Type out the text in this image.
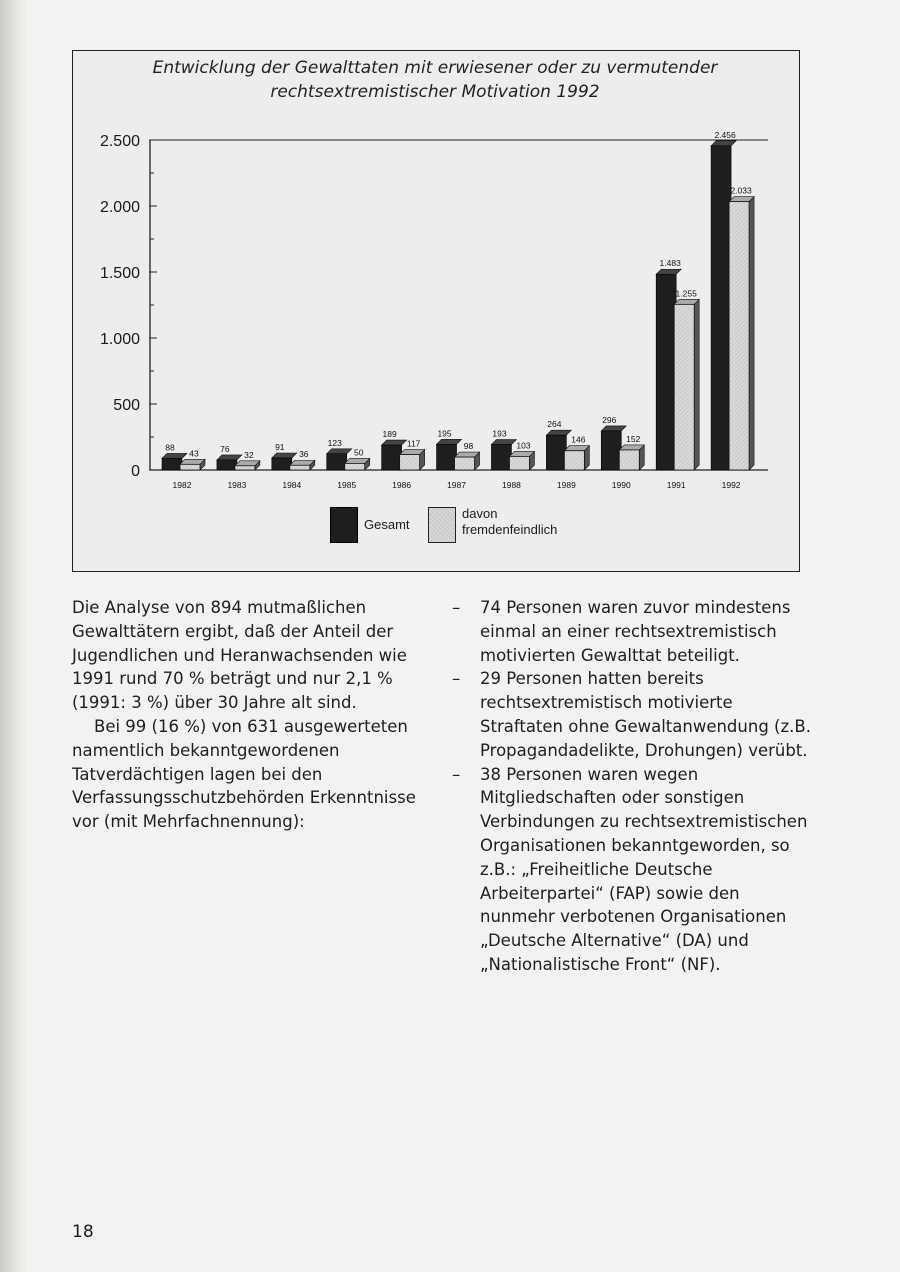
Entwicklung der Gewalttaten mit erwiesener oder zu vermutender
rechtsextremistischer Motivation 1992
0
500
1.000
1.500
2.000
2.500
88
43
1982
76
32
1983
91
36
1984
123
50
1985
189
117
1986
195
98
1987
193
103
1988
264
146
1989
296
152
1990
1.483
1.255
1991
2.456
2.033
1992
Gesamt
davon
fremdenfeindlich

Die Analyse von 894 mutmaßlichen Gewalttätern ergibt, daß der Anteil der Jugendlichen und Heranwachsenden wie 1991 rund 70 % beträgt und nur 2,1 % (1991: 3 %) über 30 Jahre alt sind.

Bei 99 (16 %) von 631 ausgewerteten namentlich bekanntgewordenen Tatverdächtigen lagen bei den Verfassungsschutzbehörden Erkenntnisse vor (mit Mehrfachnennung):

– 74 Personen waren zuvor mindestens einmal an einer rechtsextremistisch motivierten Gewalttat beteiligt.
– 29 Personen hatten bereits rechtsextremistisch motivierte Straftaten ohne Gewaltanwendung (z.B. Propagandadelikte, Drohungen) verübt.
– 38 Personen waren wegen Mitgliedschaften oder sonstigen Verbindungen zu rechtsextremistischen Organisationen bekanntgeworden, so z.B.: „Freiheitliche Deutsche Arbeiterpartei“ (FAP) sowie den nunmehr verbotenen Organisationen „Deutsche Alternative“ (DA) und „Nationalistische Front“ (NF).
18
